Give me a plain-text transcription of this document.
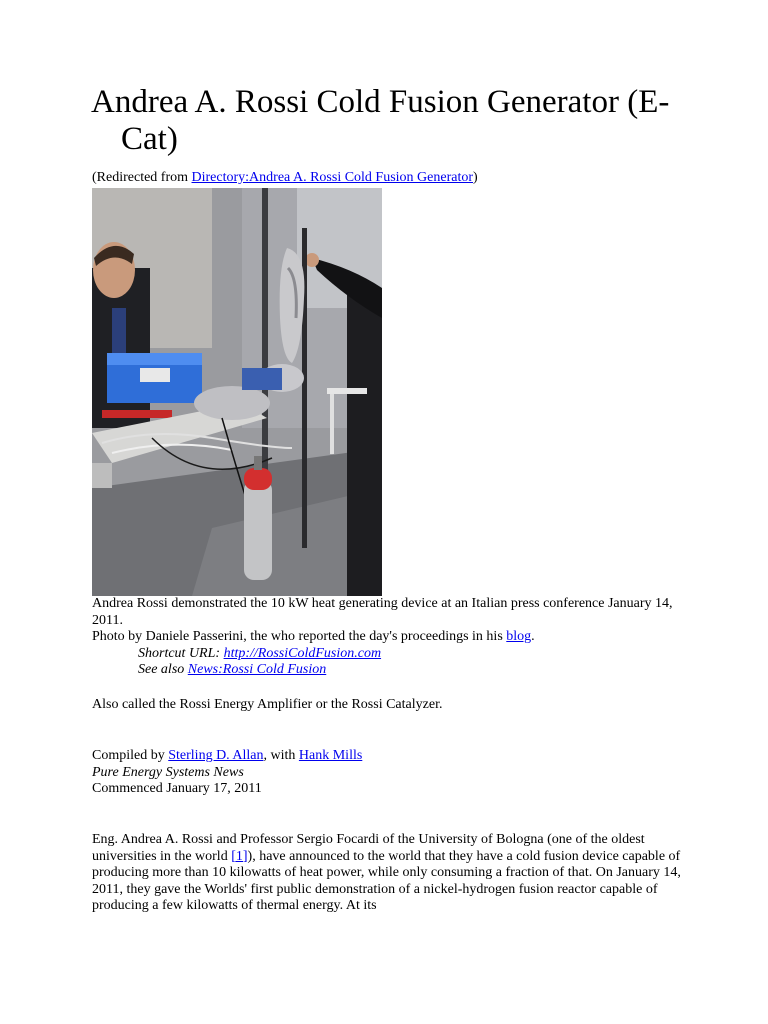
Andrea A. Rossi Cold Fusion Generator (E-Cat)
(Redirected from Directory:Andrea A. Rossi Cold Fusion Generator)
Andrea Rossi demonstrated the 10 kW heat generating device at an Italian press conference January 14, 2011.
Photo by Daniele Passerini, the who reported the day's proceedings in his blog.
Shortcut URL: http://RossiColdFusion.com
See also News:Rossi Cold Fusion
Also called the Rossi Energy Amplifier or the Rossi Catalyzer.
Compiled by Sterling D. Allan, with Hank Mills
Pure Energy Systems News
Commenced January 17, 2011
Eng. Andrea A. Rossi and Professor Sergio Focardi of the University of Bologna (one of the oldest universities in the world [1]), have announced to the world that they have a cold fusion device capable of producing more than 10 kilowatts of heat power, while only consuming a fraction of that. On January 14, 2011, they gave the Worlds' first public demonstration of a nickel-hydrogen fusion reactor capable of producing a few kilowatts of thermal energy. At its
